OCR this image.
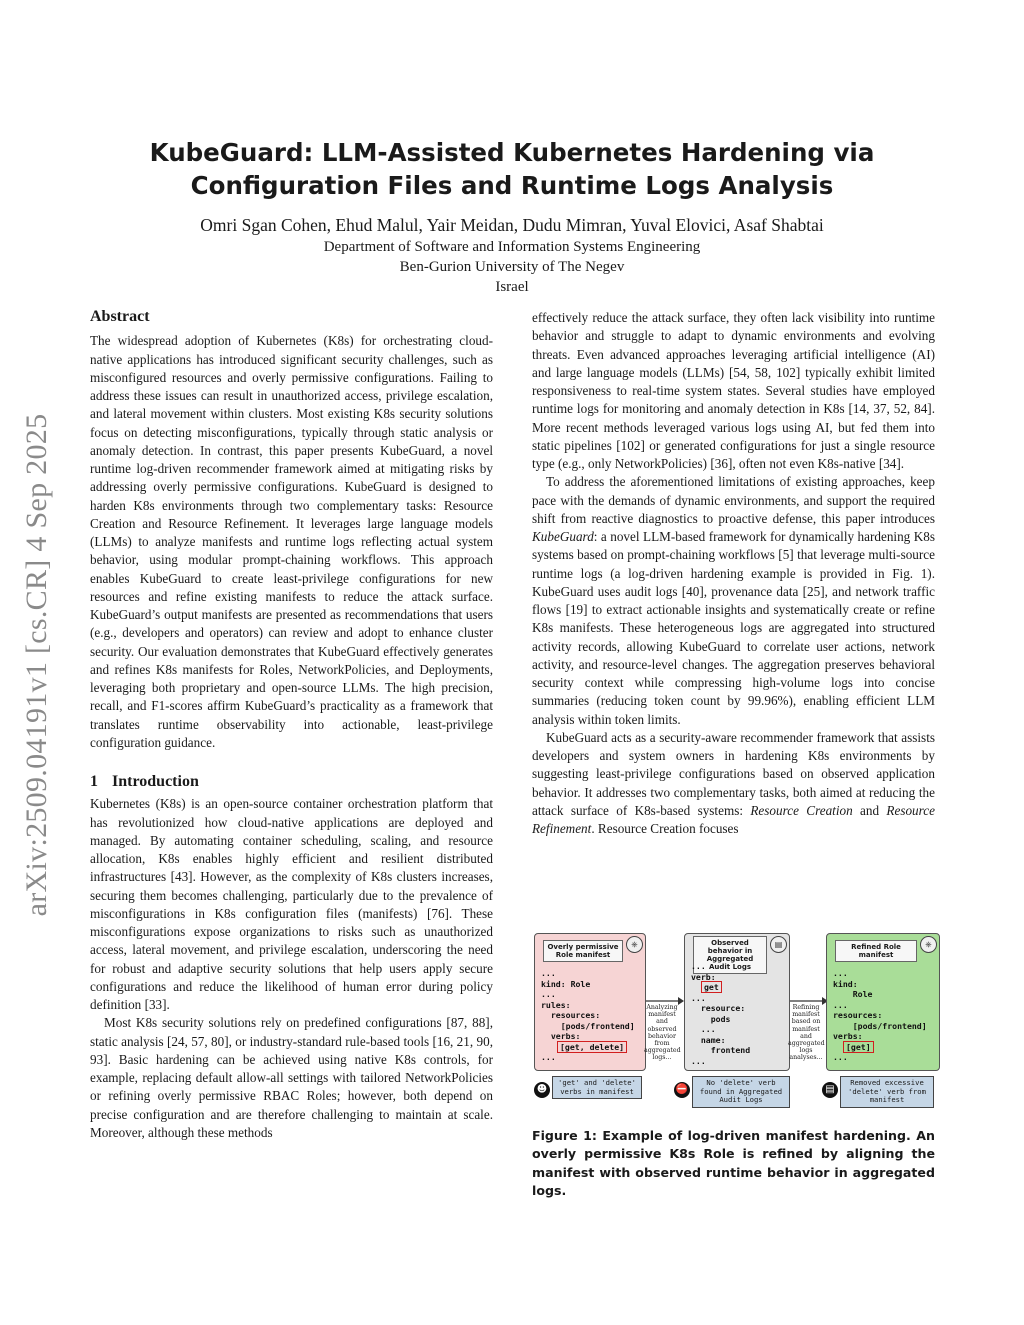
arXiv:2509.04191v1 [cs.CR] 4 Sep 2025
KubeGuard: LLM-Assisted Kubernetes Hardening via
Configuration Files and Runtime Logs Analysis
Omri Sgan Cohen, Ehud Malul, Yair Meidan, Dudu Mimran, Yuval Elovici, Asaf Shabtai
Department of Software and Information Systems Engineering
Ben-Gurion University of The Negev
Israel
Abstract

The widespread adoption of Kubernetes (K8s) for orchestrating cloud-native applications has introduced significant security challenges, such as misconfigured resources and overly permissive configurations. Failing to address these issues can result in unauthorized access, privilege escalation, and lateral movement within clusters. Most existing K8s security solutions focus on detecting misconfigurations, typically through static analysis or anomaly detection. In contrast, this paper presents KubeGuard, a novel runtime log-driven recommender framework aimed at mitigating risks by addressing overly permissive configurations. KubeGuard is designed to harden K8s environments through two complementary tasks: Resource Creation and Resource Refinement. It leverages large language models (LLMs) to analyze manifests and runtime logs reflecting actual system behavior, using modular prompt-chaining workflows. This approach enables KubeGuard to create least-privilege configurations for new resources and refine existing manifests to reduce the attack surface. KubeGuard’s output manifests are presented as recommendations that users (e.g., developers and operators) can review and adopt to enhance cluster security. Our evaluation demonstrates that KubeGuard effectively generates and refines K8s manifests for Roles, NetworkPolicies, and Deployments, leveraging both proprietary and open-source LLMs. The high precision, recall, and F1-scores affirm KubeGuard’s practicality as a framework that translates runtime observability into actionable, least-privilege configuration guidance.

1 Introduction

Kubernetes (K8s) is an open-source container orchestration platform that has revolutionized how cloud-native applications are deployed and managed. By automating container scheduling, scaling, and resource allocation, K8s enables highly efficient and resilient distributed infrastructures [43]. However, as the complexity of K8s clusters increases, securing them becomes challenging, particularly due to the prevalence of misconfigurations in K8s configuration files (manifests) [76]. These misconfigurations expose organizations to risks such as unauthorized access, lateral movement, and privilege escalation, underscoring the need for robust and adaptive security solutions that help users apply secure configurations and reduce the likelihood of human error during policy definition [33].

Most K8s security solutions rely on predefined configurations [87, 88], static analysis [24, 57, 80], or industry-standard rule-based tools [16, 21, 90, 93]. Basic hardening can be achieved using native K8s controls, for example, replacing default allow-all settings with tailored NetworkPolicies or refining overly permissive RBAC Roles; however, both depend on precise configuration and are therefore challenging to maintain at scale. Moreover, although these methods

effectively reduce the attack surface, they often lack visibility into runtime behavior and struggle to adapt to dynamic environments and evolving threats. Even advanced approaches leveraging artificial intelligence (AI) and large language models (LLMs) [54, 58, 102] typically exhibit limited responsiveness to real-time system states. Several studies have employed runtime logs for monitoring and anomaly detection in K8s [14, 37, 52, 84]. More recent methods leveraged various logs using AI, but fed them into static pipelines [102] or generated configurations for just a single resource type (e.g., only NetworkPolicies) [36], often not even K8s-native [34].

To address the aforementioned limitations of existing approaches, keep pace with the demands of dynamic environments, and support the required shift from reactive diagnostics to proactive defense, this paper introduces KubeGuard: a novel LLM-based framework for dynamically hardening K8s systems based on prompt-chaining workflows [5] that leverage multi-source runtime logs (a log-driven hardening example is provided in Fig. 1). KubeGuard uses audit logs [40], provenance data [25], and network traffic flows [19] to extract actionable insights and systematically create or refine K8s manifests. These heterogeneous logs are aggregated into structured activity records, allowing KubeGuard to correlate user actions, network activity, and resource-level changes. The aggregation preserves behavioral security context while compressing high-volume logs into concise summaries (reducing token count by 99.96%), enabling efficient LLM analysis within token limits.

KubeGuard acts as a security-aware recommender framework that assists developers and system owners in hardening K8s environments by suggesting least-privilege configurations based on observed application behavior. It addresses two complementary tasks, both aimed at reducing the attack surface of K8s-based systems: Resource Creation and Resource Refinement. Resource Creation focuses

Overly permissive Role manifest
⎈
...
kind: Role
...
rules:
resources:
[pods/frontend]
verbs:
[get, delete]
...
Analyzing manifest and observed behavior from aggregated logs...
Observed behavior in Aggregated Audit Logs
▤
...
verb:
get
...
resource:
pods
...
name:
frontend
...
Refining manifest based on manifest and aggregated logs analyses...
Refined Role manifest
⎈
...
kind:
Role
...
resources:
[pods/frontend]
verbs:
[get]
...
☻
'get' and 'delete' verbs in manifest	⛔
No 'delete' verb found in Aggregated Audit Logs
▤
Removed excessive 'delete' verb from manifest
Figure 1: Example of log-driven manifest hardening. An overly permissive K8s Role is refined by aligning the manifest with observed runtime behavior in aggregated logs.
